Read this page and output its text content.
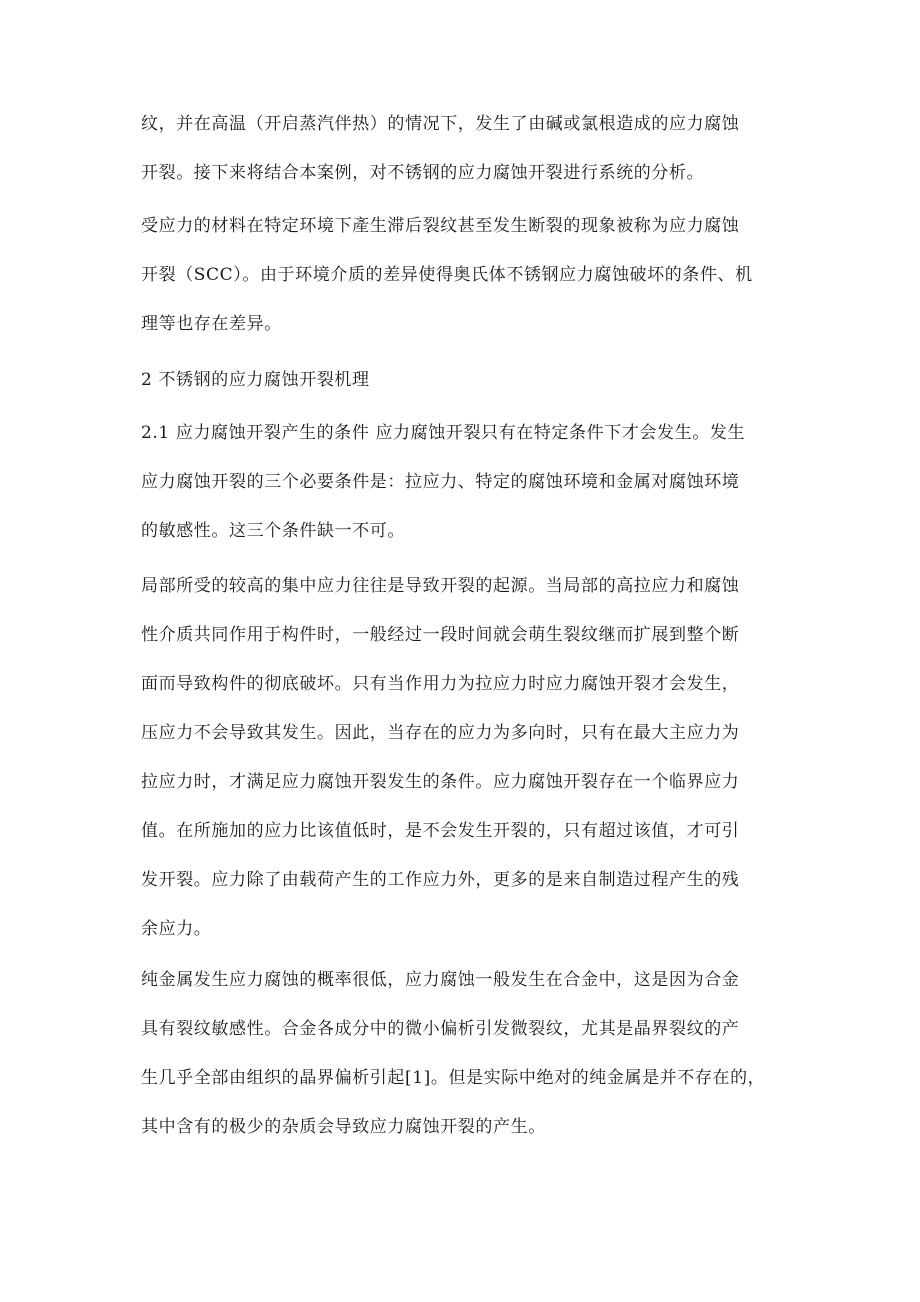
纹，并在高温（开启蒸汽伴热）的情况下，发生了由碱或氯根造成的应力腐蚀
开裂。接下来将结合本案例，对不锈钢的应力腐蚀开裂进行系统的分析。
受应力的材料在特定环境下產生滞后裂纹甚至发生断裂的现象被称为应力腐蚀
开裂（SCC）。由于环境介质的差异使得奥氏体不锈钢应力腐蚀破坏的条件、机
理等也存在差异。
2 不锈钢的应力腐蚀开裂机理
2.1 应力腐蚀开裂产生的条件 应力腐蚀开裂只有在特定条件下才会发生。发生
应力腐蚀开裂的三个必要条件是：拉应力、特定的腐蚀环境和金属对腐蚀环境
的敏感性。这三个条件缺一不可。
局部所受的较高的集中应力往往是导致开裂的起源。当局部的高拉应力和腐蚀
性介质共同作用于构件时，一般经过一段时间就会萌生裂纹继而扩展到整个断
面而导致构件的彻底破坏。只有当作用力为拉应力时应力腐蚀开裂才会发生，
压应力不会导致其发生。因此，当存在的应力为多向时，只有在最大主应力为
拉应力时，才满足应力腐蚀开裂发生的条件。应力腐蚀开裂存在一个临界应力
值。在所施加的应力比该值低时，是不会发生开裂的，只有超过该值，才可引
发开裂。应力除了由载荷产生的工作应力外，更多的是来自制造过程产生的残
余应力。
纯金属发生应力腐蚀的概率很低，应力腐蚀一般发生在合金中，这是因为合金
具有裂纹敏感性。合金各成分中的微小偏析引发微裂纹，尤其是晶界裂纹的产
生几乎全部由组织的晶界偏析引起[1]。但是实际中绝对的纯金属是并不存在的，
其中含有的极少的杂质会导致应力腐蚀开裂的产生。
